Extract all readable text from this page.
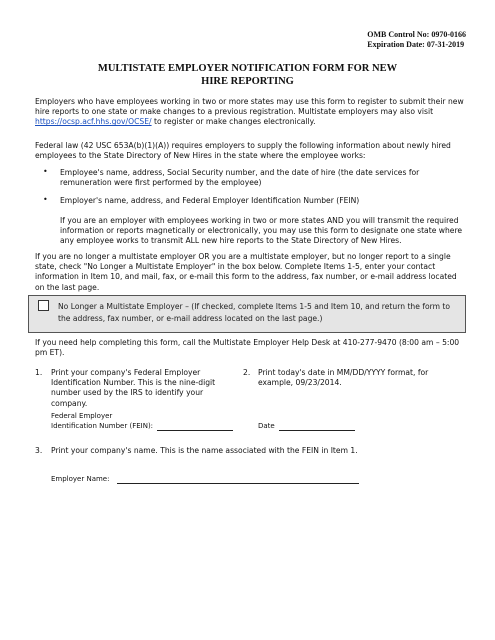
OMB Control No: 0970-0166
Expiration Date: 07-31-2019
MULTISTATE EMPLOYER NOTIFICATION FORM FOR NEW
HIRE REPORTING
Employers who have employees working in two or more states may use this form to register to submit their new hire reports to one state or make changes to a previous registration. Multistate employers may also visit https://ocsp.acf.hhs.gov/OCSE/ to register or make changes electronically.
Federal law (42 USC 653A(b)(1)(A)) requires employers to supply the following information about newly hired employees to the State Directory of New Hires in the state where the employee works:
• Employee's name, address, Social Security number, and the date of hire (the date services for remuneration were first performed by the employee)
• Employer's name, address, and Federal Employer Identification Number (FEIN)
If you are an employer with employees working in two or more states AND you will transmit the required information or reports magnetically or electronically, you may use this form to designate one state where any employee works to transmit ALL new hire reports to the State Directory of New Hires.
If you are no longer a multistate employer OR you are a multistate employer, but no longer report to a single state, check "No Longer a Multistate Employer" in the box below. Complete Items 1-5, enter your contact information in Item 10, and mail, fax, or e-mail this form to the address, fax number, or e-mail address located on the last page.
No Longer a Multistate Employer – (If checked, complete Items 1-5 and Item 10, and return the form to the address, fax number, or e-mail address located on the last page.)
If you need help completing this form, call the Multistate Employer Help Desk at 410-277-9470 (8:00 am – 5:00 pm ET).
1. Print your company's Federal Employer Identification Number. This is the nine-digit number used by the IRS to identify your company.
Federal Employer
Identification Number (FEIN):
2. Print today's date in MM/DD/YYYY format, for example, 09/23/2014.
Date
3. Print your company's name. This is the name associated with the FEIN in Item 1.
Employer Name:
